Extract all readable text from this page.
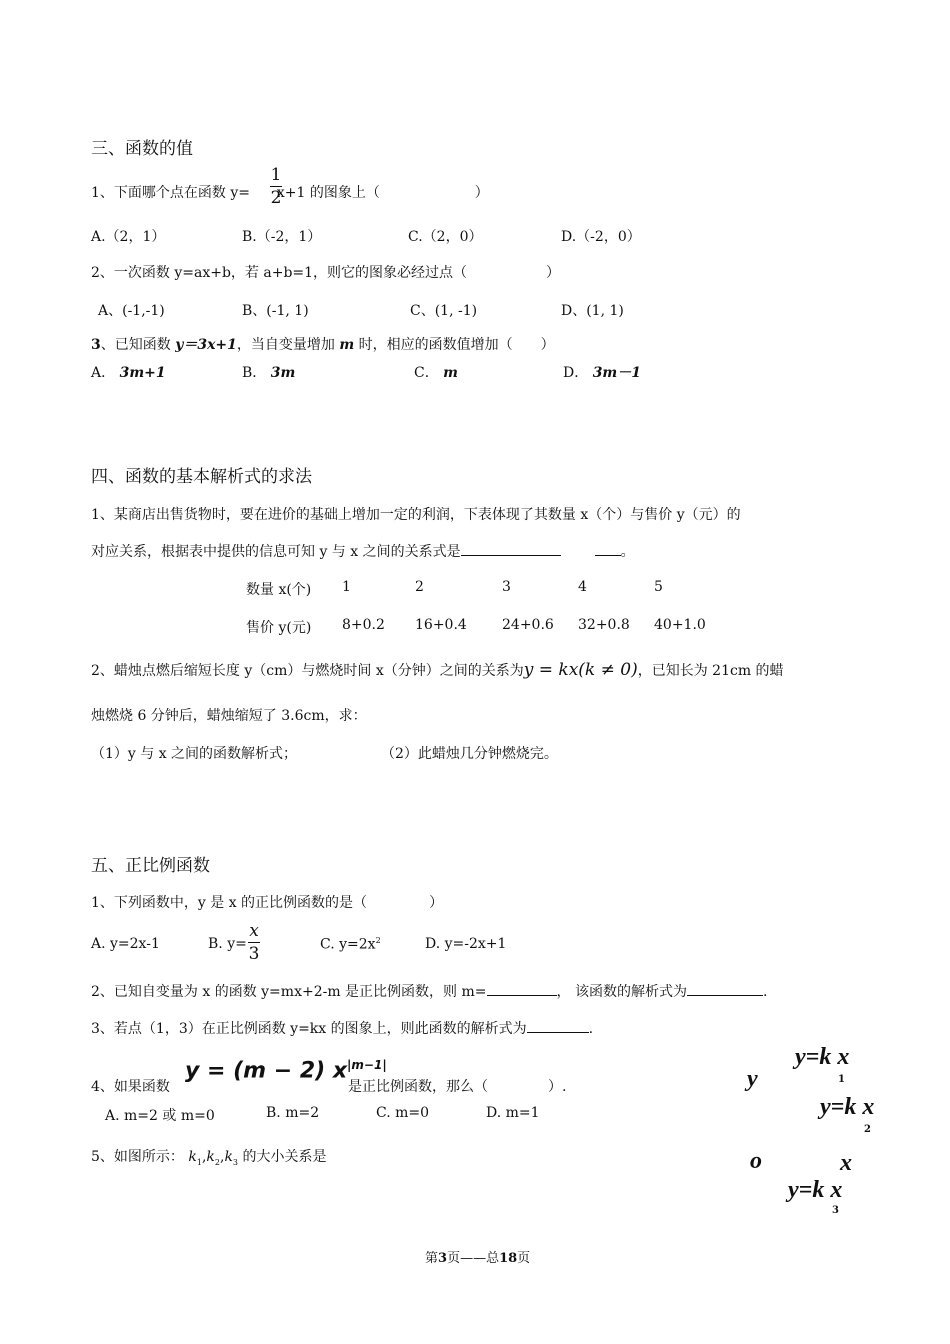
三、函数的值
1、下面哪个点在函数 y= x+1 的图象上（	）
1
2
A.（2，1）	B.（-2，1）	C.（2，0）	D.（-2，0）
2、一次函数 y=ax+b，若 a+b=1，则它的图象必经过点（	）
A、(-1,-1)	B、(-1, 1)	C、(1, -1)	D、(1, 1)
3、已知函数 y＝3x+1，当自变量增加 m 时，相应的函数值增加（ ）
A． 3m+1	B． 3m	C． m	D． 3m－1
四、函数的基本解析式的求法
1、某商店出售货物时，要在进价的基础上增加一定的利润，下表体现了其数量 x（个）与售价 y（元）的
对应关系，根据表中提供的信息可知 y 与 x 之间的关系式是	。
数量 x(个) 1	2	3	4	5
售价 y(元) 8+0.2 16+0.4	24+0.6 32+0.8 40+1.0
2、蜡烛点燃后缩短长度 y（cm）与燃烧时间 x（分钟）之间的关系为y = kx(k ≠ 0)，已知长为 21cm 的蜡
烛燃烧 6 分钟后，蜡烛缩短了 3.6cm，求：
（1）y 与 x 之间的函数解析式；	（2）此蜡烛几分钟燃烧完。
五、正比例函数
1、下列函数中，y 是 x 的正比例函数的是（	）
A. y=2x-1	B. y=
x
3	C. $y=2x^2$	D. y=-2x+1
2、已知自变量为 x 的函数 y=mx+2-m 是正比例函数，则 m=	， 该函数的解析式为	.
3、若点（1，3）在正比例函数 y=kx 的图象上，则此函数的解析式为	.
4、如果函数
y = (m − 2) $x^{|m-1|}$
是正比例函数，那么（	）.
A. m=2 或 m=0	B. m=2	C. m=0	D. m=1
5、如图所示： $k_1,k_2,k_3$ 的大小关系是
y
y=k x
1
y=k x
2
o	x
y=k x
3
第3页——总18页
